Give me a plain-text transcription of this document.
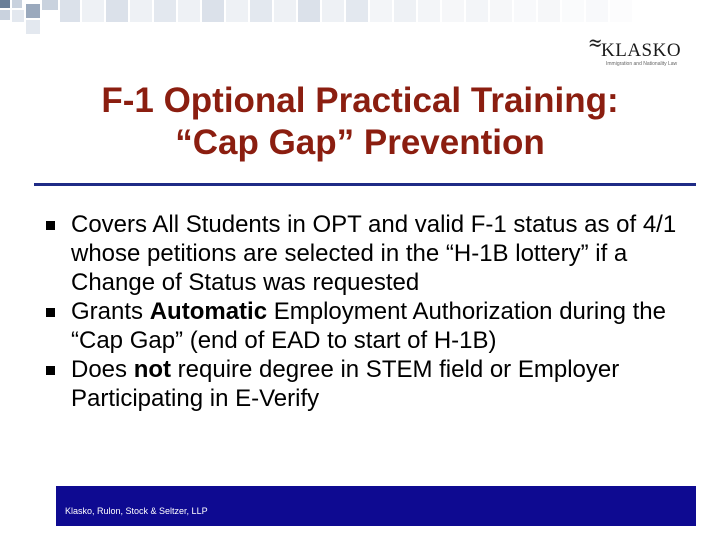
≈
KLASKO
Immigration and Nationality Law
F-1 Optional Practical Training:
“Cap Gap” Prevention
Covers All Students in OPT and valid F-1 status as of 4/1 whose petitions are selected in the “H-1B lottery” if a Change of Status was requested
Grants Automatic Employment Authorization during the “Cap Gap” (end of EAD to start of H-1B)
Does not require degree in STEM field or Employer Participating in E-Verify
Klasko, Rulon, Stock & Seltzer, LLP
